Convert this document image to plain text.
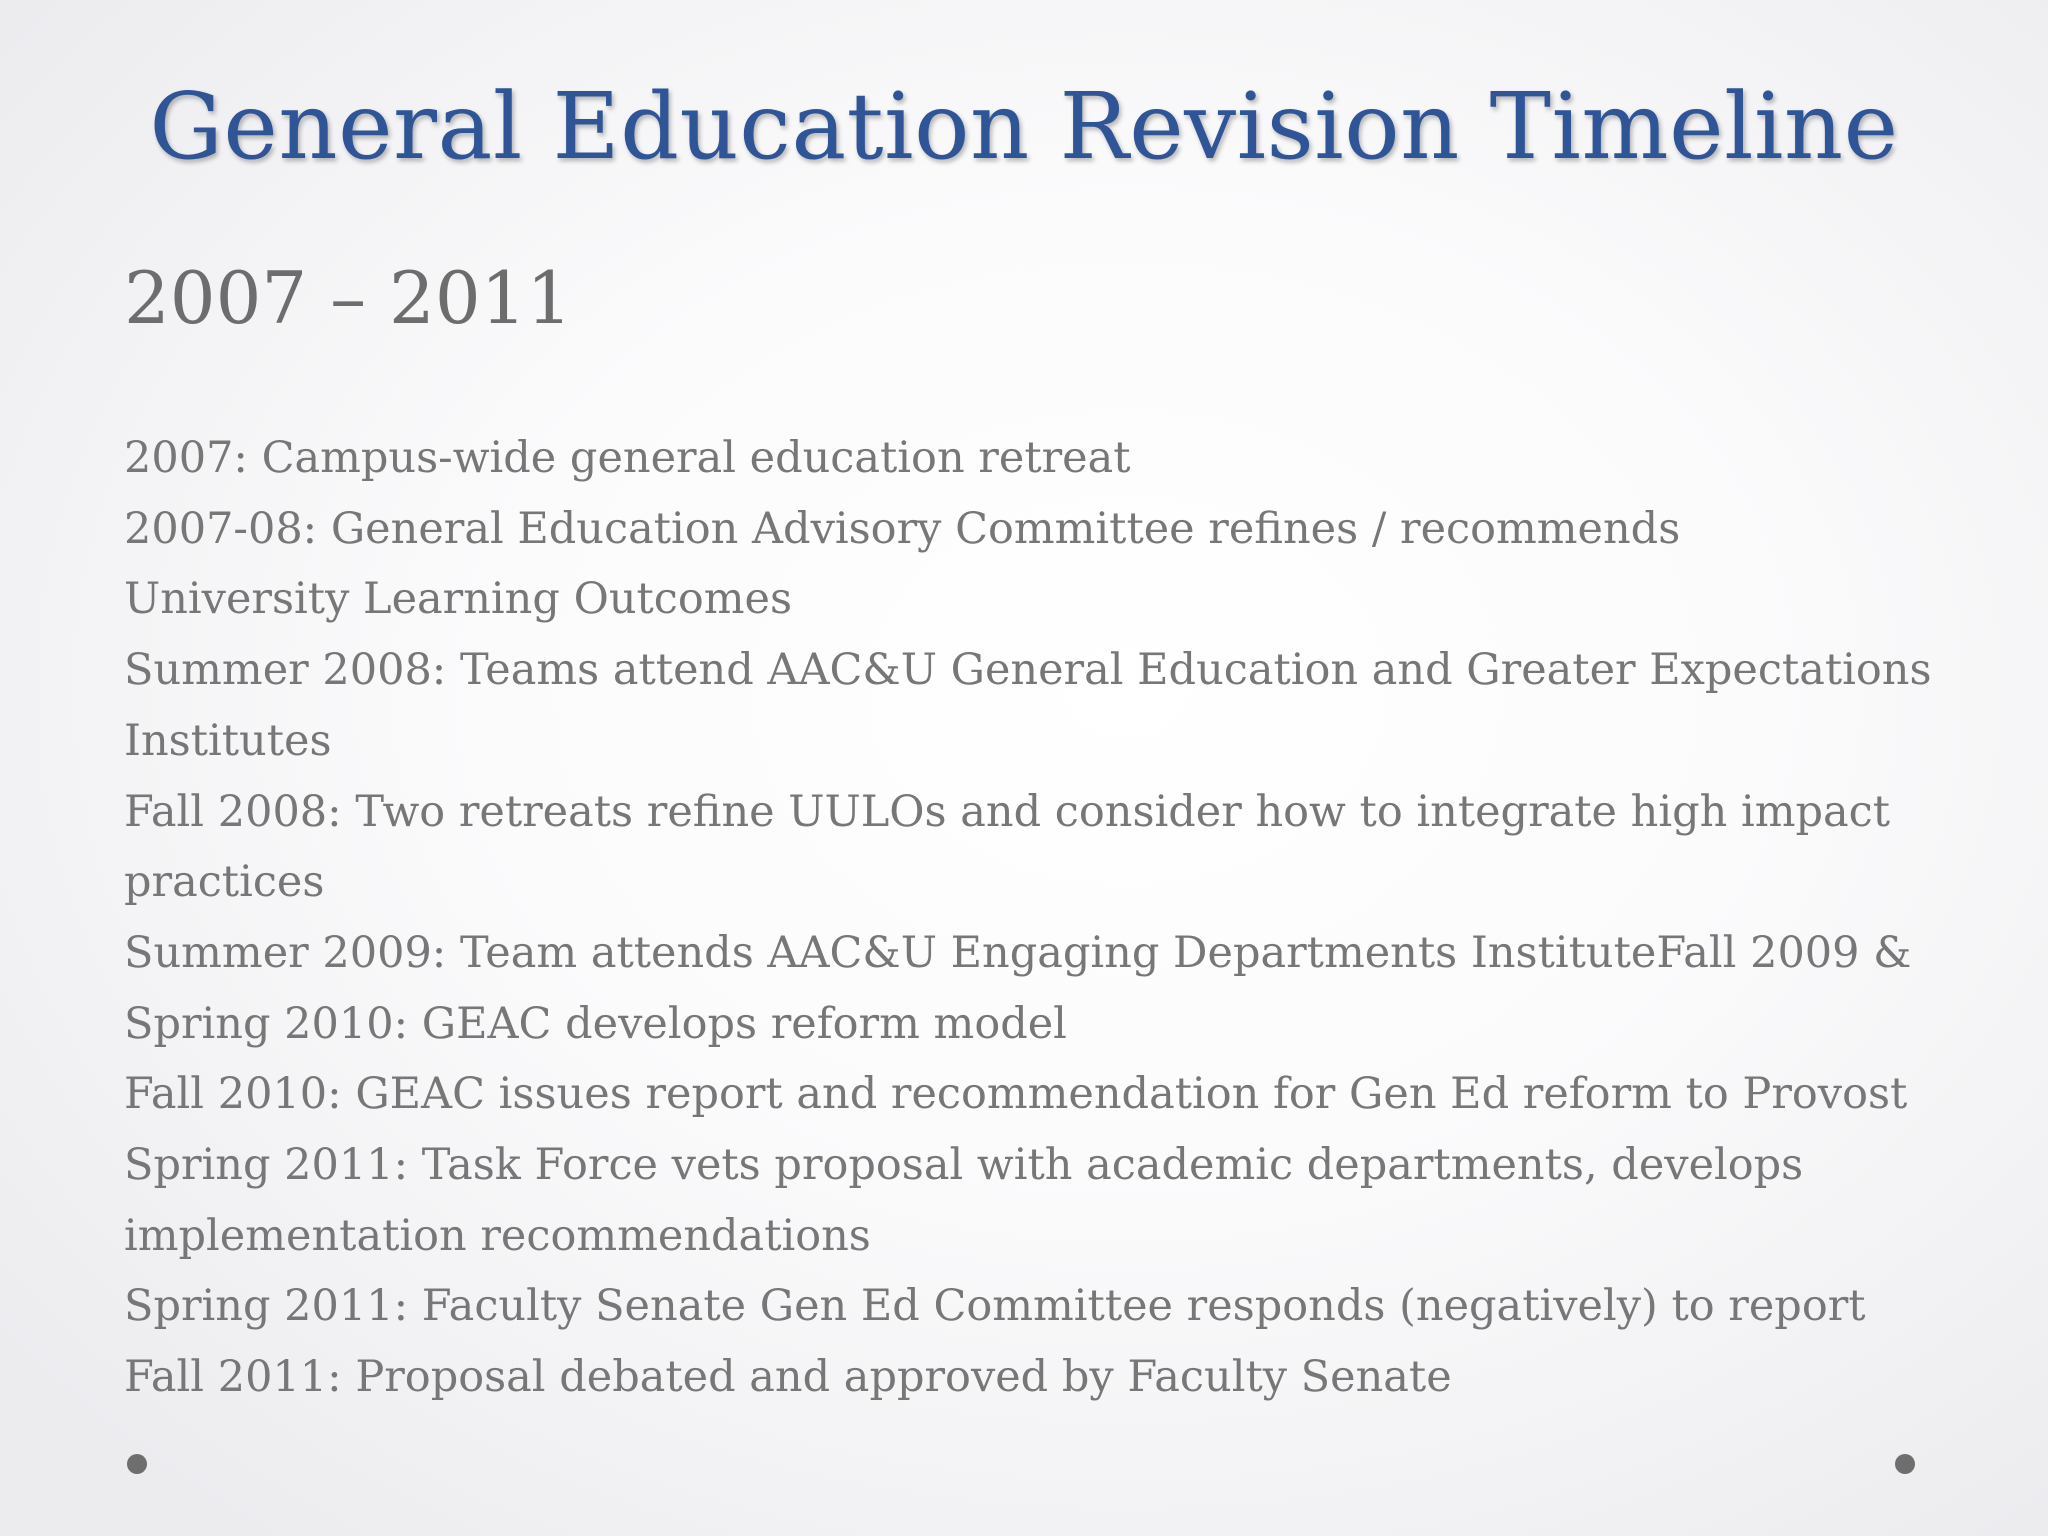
General Education Revision Timeline
2007 – 2011
2007: Campus-wide general education retreat
2007-08: General Education Advisory Committee refines / recommends
University Learning Outcomes
Summer 2008: Teams attend AAC&U General Education and Greater Expectations
Institutes
Fall 2008: Two retreats refine UULOs and consider how to integrate high impact
practices
Summer 2009: Team attends AAC&U Engaging Departments InstituteFall 2009 &
Spring 2010: GEAC develops reform model
Fall 2010: GEAC issues report and recommendation for Gen Ed reform to Provost
Spring 2011: Task Force vets proposal with academic departments, develops
implementation recommendations
Spring 2011: Faculty Senate Gen Ed Committee responds (negatively) to report
Fall 2011: Proposal debated and approved by Faculty Senate
